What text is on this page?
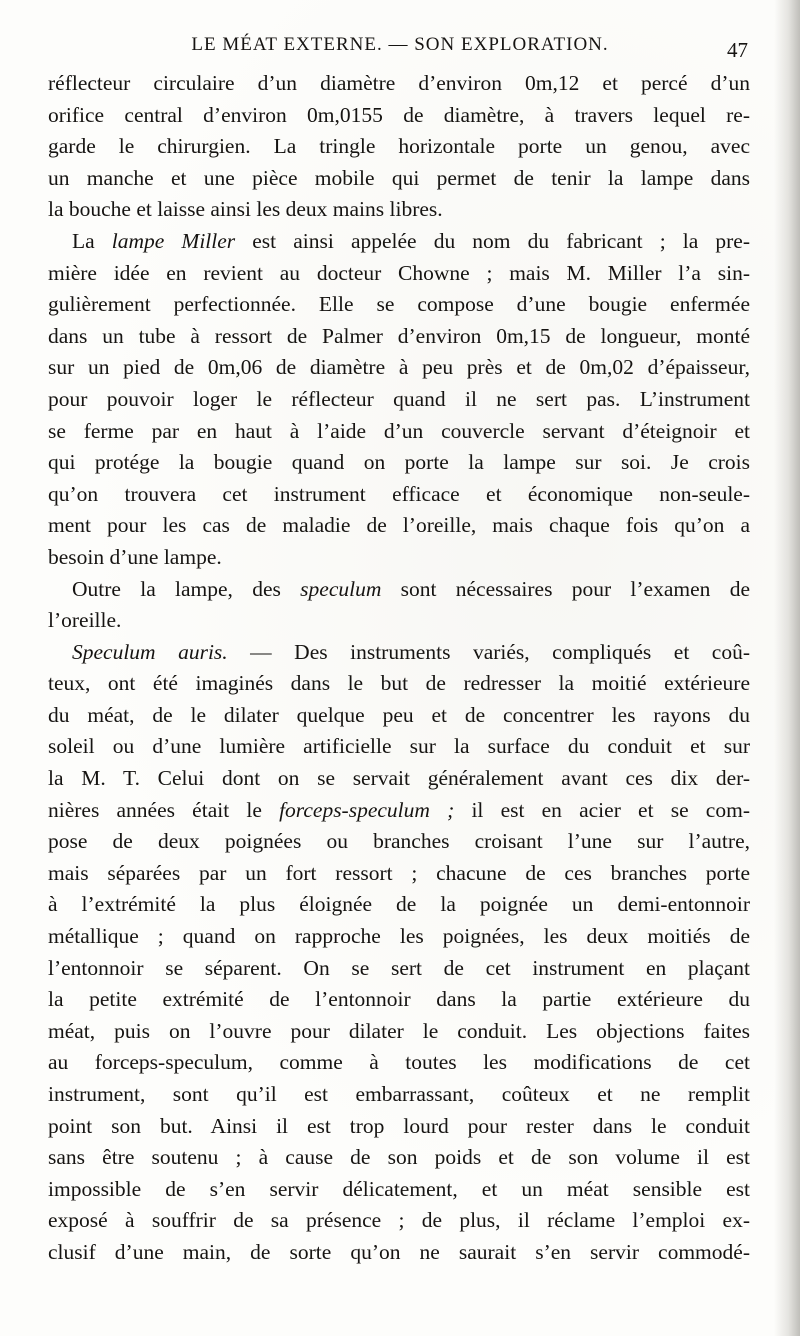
LE MÉAT EXTERNE. — SON EXPLORATION.	47
réflecteur circulaire d’un diamètre d’environ 0m,12 et percé d’un
orifice central d’environ 0m,0155 de diamètre, à travers lequel re-
garde le chirurgien. La tringle horizontale porte un genou, avec
un manche et une pièce mobile qui permet de tenir la lampe dans
la bouche et laisse ainsi les deux mains libres.
La lampe Miller est ainsi appelée du nom du fabricant ; la pre-
mière idée en revient au docteur Chowne ; mais M. Miller l’a sin-
gulièrement perfectionnée. Elle se compose d’une bougie enfermée
dans un tube à ressort de Palmer d’environ 0m,15 de longueur, monté
sur un pied de 0m,06 de diamètre à peu près et de 0m,02 d’épaisseur,
pour pouvoir loger le réflecteur quand il ne sert pas. L’instrument
se ferme par en haut à l’aide d’un couvercle servant d’éteignoir et
qui protége la bougie quand on porte la lampe sur soi. Je crois
qu’on trouvera cet instrument efficace et économique non-seule-
ment pour les cas de maladie de l’oreille, mais chaque fois qu’on a
besoin d’une lampe.
Outre la lampe, des speculum sont nécessaires pour l’examen de
l’oreille.
Speculum auris. — Des instruments variés, compliqués et coû-
teux, ont été imaginés dans le but de redresser la moitié extérieure
du méat, de le dilater quelque peu et de concentrer les rayons du
soleil ou d’une lumière artificielle sur la surface du conduit et sur
la M. T. Celui dont on se servait généralement avant ces dix der-
nières années était le forceps-speculum ; il est en acier et se com-
pose de deux poignées ou branches croisant l’une sur l’autre,
mais séparées par un fort ressort ; chacune de ces branches porte
à l’extrémité la plus éloignée de la poignée un demi-entonnoir
métallique ; quand on rapproche les poignées, les deux moitiés de
l’entonnoir se séparent. On se sert de cet instrument en plaçant
la petite extrémité de l’entonnoir dans la partie extérieure du
méat, puis on l’ouvre pour dilater le conduit. Les objections faites
au forceps-speculum, comme à toutes les modifications de cet
instrument, sont qu’il est embarrassant, coûteux et ne remplit
point son but. Ainsi il est trop lourd pour rester dans le conduit
sans être soutenu ; à cause de son poids et de son volume il est
impossible de s’en servir délicatement, et un méat sensible est
exposé à souffrir de sa présence ; de plus, il réclame l’emploi ex-
clusif d’une main, de sorte qu’on ne saurait s’en servir commodé-
